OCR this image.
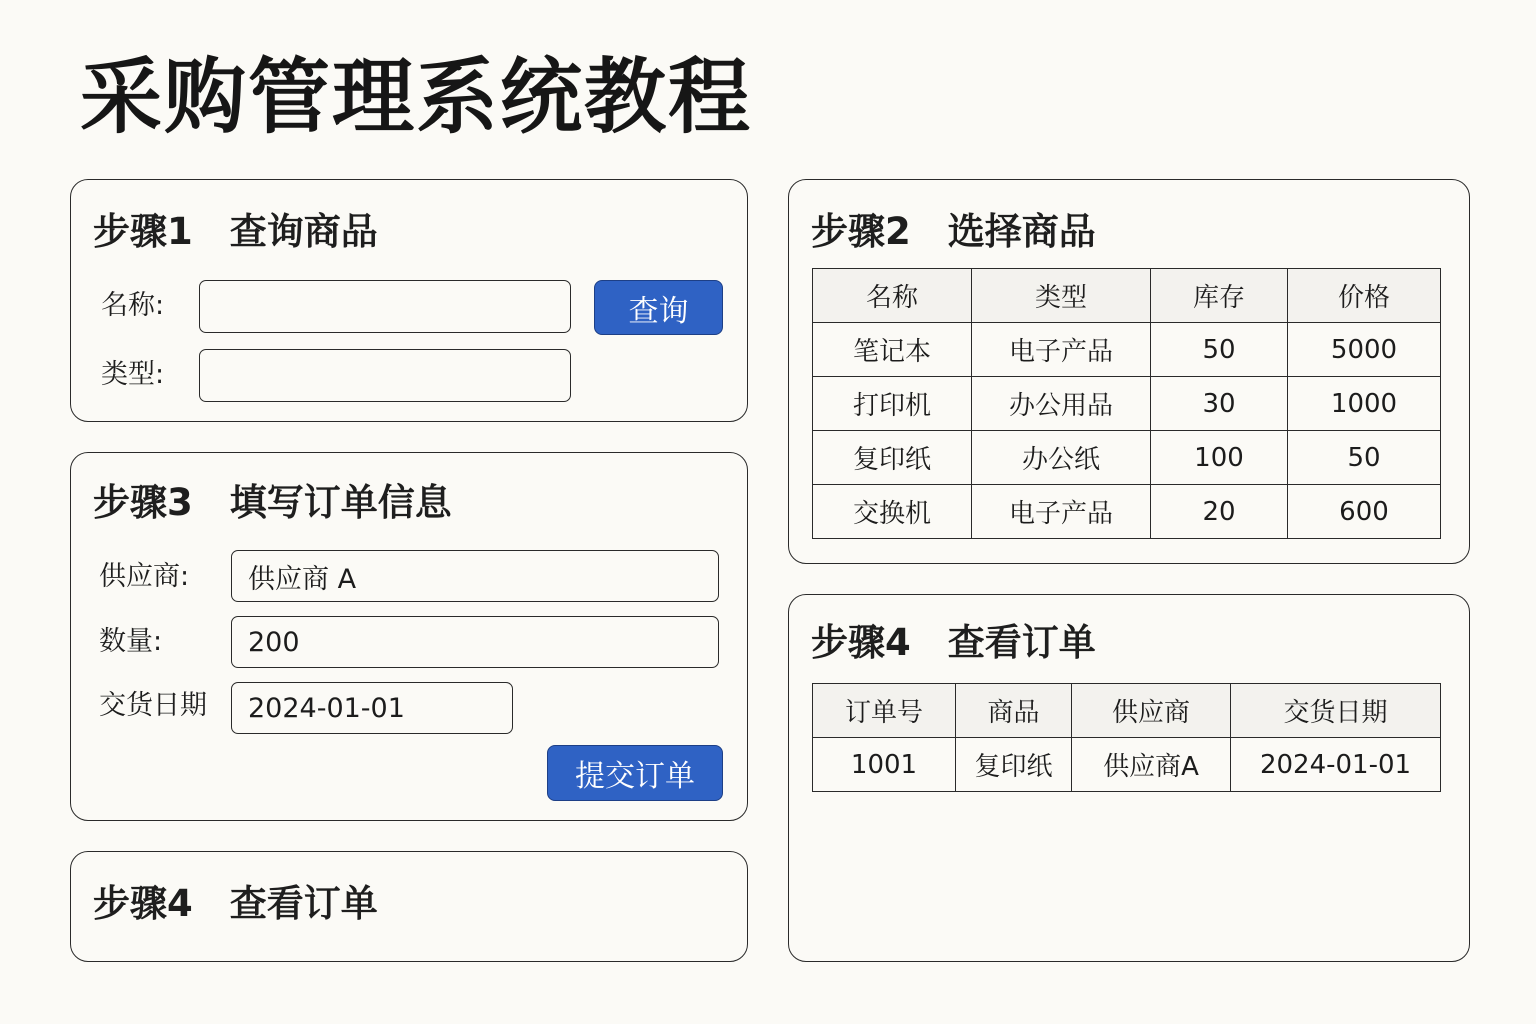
采购管理系统教程
步骤1　查询商品
名称:	查询
类型:
步骤2　选择商品
名称	类型	库存	价格
笔记本	电子产品	50	5000
打印机	办公用品	30	1000
复印纸	办公纸	100	50
交换机	电子产品	20	600
步骤3　填写订单信息
供应商:
供应商 A
数量:
200
交货日期
2024-01-01
提交订单
步骤4　查看订单
步骤4　查看订单
订单号	商品	供应商	交货日期
1001	复印纸	供应商A	2024-01-01
